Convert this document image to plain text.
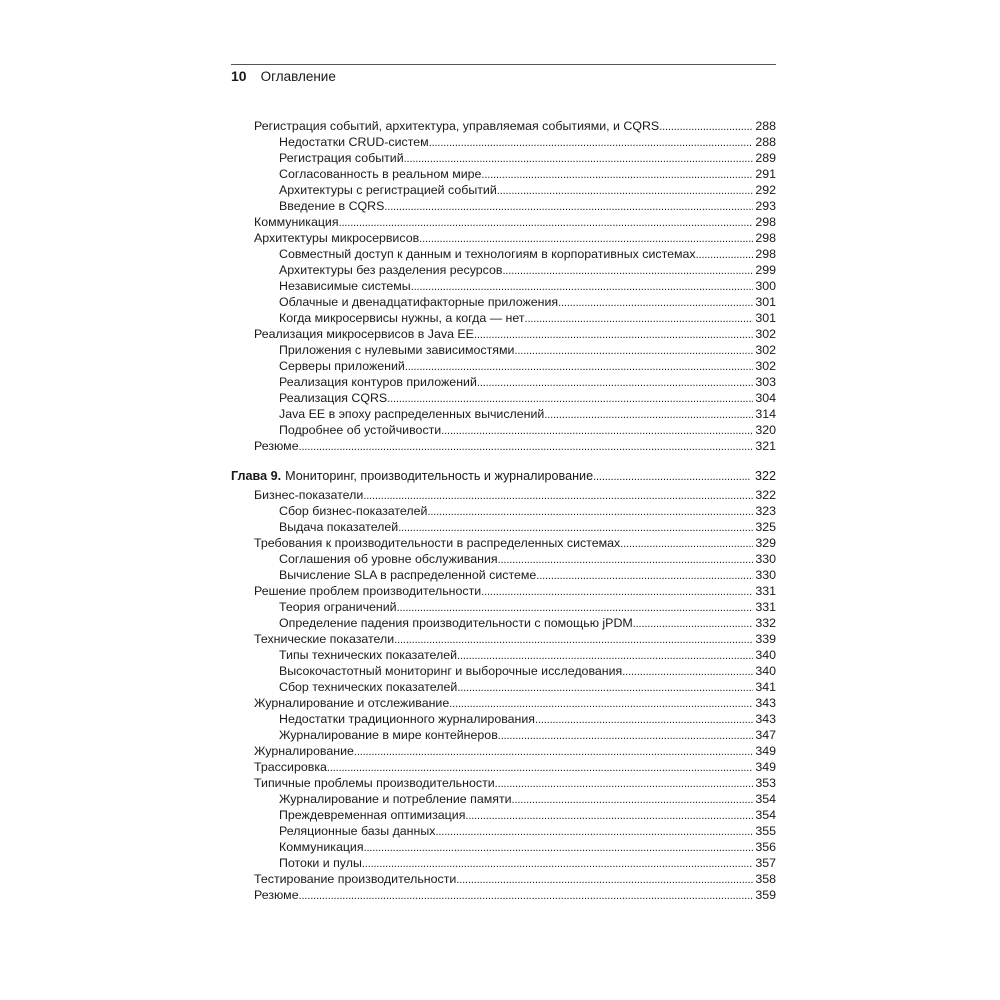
10 Оглавление
Регистрация событий, архитектура, управляемая событиями, и CQRS . . .	288
Недостатки CRUD-систем . . .	288
Регистрация событий . . .	289
Согласованность в реальном мире . . .	291
Архитектуры с регистрацией событий . . .	292
Введение в CQRS . . .	293
Коммуникация . . .	298
Архитектуры микросервисов . . .	298
Совместный доступ к данным и технологиям в корпоративных системах . . .	298
Архитектуры без разделения ресурсов . . .	299
Независимые системы . . .	300
Облачные и двенадцатифакторные приложения . . .	301
Когда микросервисы нужны, а когда — нет . . .	301
Реализация микросервисов в Java EE . . .	302
Приложения с нулевыми зависимостями . . .	302
Серверы приложений . . .	302
Реализация контуров приложений . . .	303
Реализация CQRS . . .	304
Java EE в эпоху распределенных вычислений . . .	314
Подробнее об устойчивости . . .	320
Резюме . . .	321
Глава 9. Мониторинг, производительность и журналирование . . .	322
Бизнес-показатели . . .	322
Сбор бизнес-показателей . . .	323
Выдача показателей . . .	325
Требования к производительности в распределенных системах . . .	329
Соглашения об уровне обслуживания . . .	330
Вычисление SLA в распределенной системе . . .	330
Решение проблем производительности . . .	331
Теория ограничений . . .	331
Определение падения производительности с помощью jPDM . . .	332
Технические показатели . . .	339
Типы технических показателей . . .	340
Высокочастотный мониторинг и выборочные исследования . . .	340
Сбор технических показателей . . .	341
Журналирование и отслеживание . . .	343
Недостатки традиционного журналирования . . .	343
Журналирование в мире контейнеров . . .	347
Журналирование . . .	349
Трассировка . . .	349
Типичные проблемы производительности . . .	353
Журналирование и потребление памяти . . .	354
Преждевременная оптимизация . . .	354
Реляционные базы данных . . .	355
Коммуникация . . .	356
Потоки и пулы . . .	357
Тестирование производительности . . .	358
Резюме . . .	359
